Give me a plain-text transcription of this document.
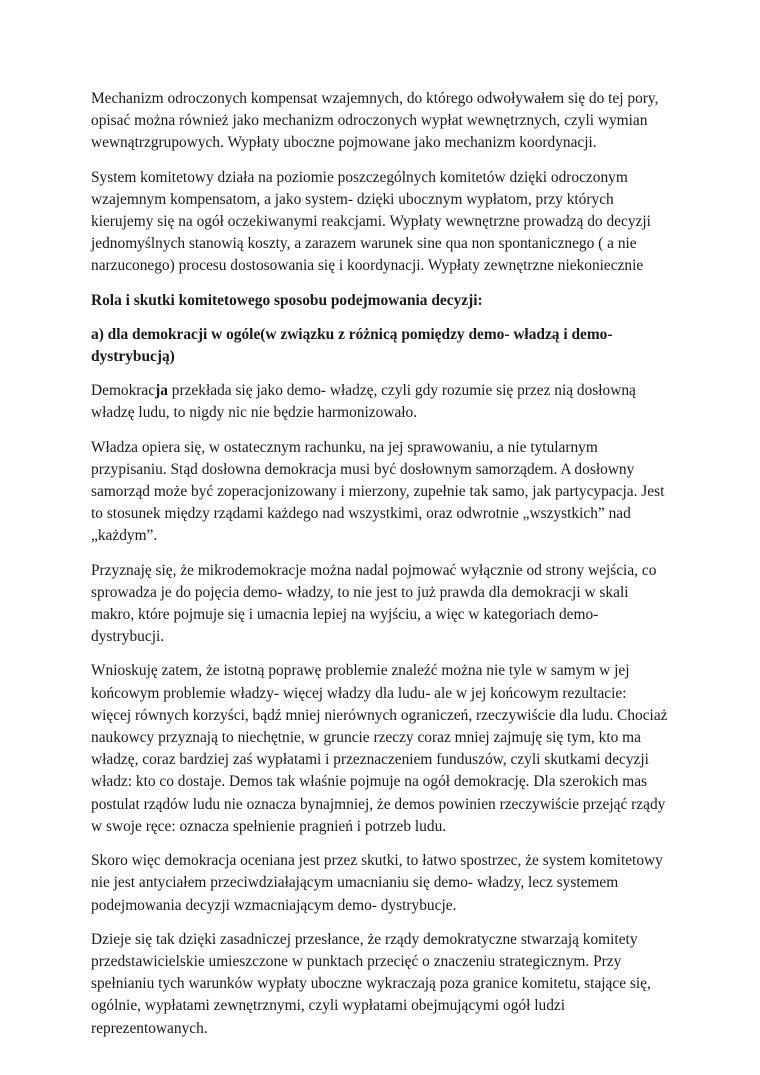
Mechanizm odroczonych kompensat wzajemnych, do którego odwoływałem się do tej pory,
opisać można również jako mechanizm odroczonych wypłat wewnętrznych, czyli wymian
wewnątrzgrupowych. Wypłaty uboczne pojmowane jako mechanizm koordynacji.

System komitetowy działa na poziomie poszczególnych komitetów dzięki odroczonym
wzajemnym kompensatom, a jako system- dzięki ubocznym wypłatom, przy których
kierujemy się na ogół oczekiwanymi reakcjami. Wypłaty wewnętrzne prowadzą do decyzji
jednomyślnych stanowią koszty, a zarazem warunek sine qua non spontanicznego ( a nie
narzuconego) procesu dostosowania się i koordynacji. Wypłaty zewnętrzne niekoniecznie

Rola i skutki komitetowego sposobu podejmowania decyzji:

a) dla demokracji w ogóle(w związku z różnicą pomiędzy demo- władzą i demo-
dystrybucją)

Demokracja przekłada się jako demo- władzę, czyli gdy rozumie się przez nią dosłowną
władzę ludu, to nigdy nic nie będzie harmonizowało.

Władza opiera się, w ostatecznym rachunku, na jej sprawowaniu, a nie tytularnym
przypisaniu. Stąd dosłowna demokracja musi być dosłownym samorządem. A dosłowny
samorząd może być zoperacjonizowany i mierzony, zupełnie tak samo, jak partycypacja. Jest
to stosunek między rządami każdego nad wszystkimi, oraz odwrotnie „wszystkich” nad
„każdym”.

Przyznaję się, że mikrodemokracje można nadal pojmować wyłącznie od strony wejścia, co
sprowadza je do pojęcia demo- władzy, to nie jest to już prawda dla demokracji w skali
makro, które pojmuje się i umacnia lepiej na wyjściu, a więc w kategoriach demo-
dystrybucji.

Wnioskuję zatem, że istotną poprawę problemie znaleźć można nie tyle w samym w jej
końcowym problemie władzy- więcej władzy dla ludu- ale w jej końcowym rezultacie:
więcej równych korzyści, bądź mniej nierównych ograniczeń, rzeczywiście dla ludu. Chociaż
naukowcy przyznają to niechętnie, w gruncie rzeczy coraz mniej zajmuję się tym, kto ma
władzę, coraz bardziej zaś wypłatami i przeznaczeniem funduszów, czyli skutkami decyzji
władz: kto co dostaje. Demos tak właśnie pojmuje na ogół demokrację. Dla szerokich mas
postulat rządów ludu nie oznacza bynajmniej, że demos powinien rzeczywiście przejąć rządy
w swoje ręce: oznacza spełnienie pragnień i potrzeb ludu.

Skoro więc demokracja oceniana jest przez skutki, to łatwo spostrzec, że system komitetowy
nie jest antyciałem przeciwdziałającym umacnianiu się demo- władzy, lecz systemem
podejmowania decyzji wzmacniającym demo- dystrybucje.

Dzieje się tak dzięki zasadniczej przesłance, że rządy demokratyczne stwarzają komitety
przedstawicielskie umieszczone w punktach przecięć o znaczeniu strategicznym. Przy
spełnianiu tych warunków wypłaty uboczne wykraczają poza granice komitetu, stające się,
ogólnie, wypłatami zewnętrznymi, czyli wypłatami obejmującymi ogół ludzi
reprezentowanych.
